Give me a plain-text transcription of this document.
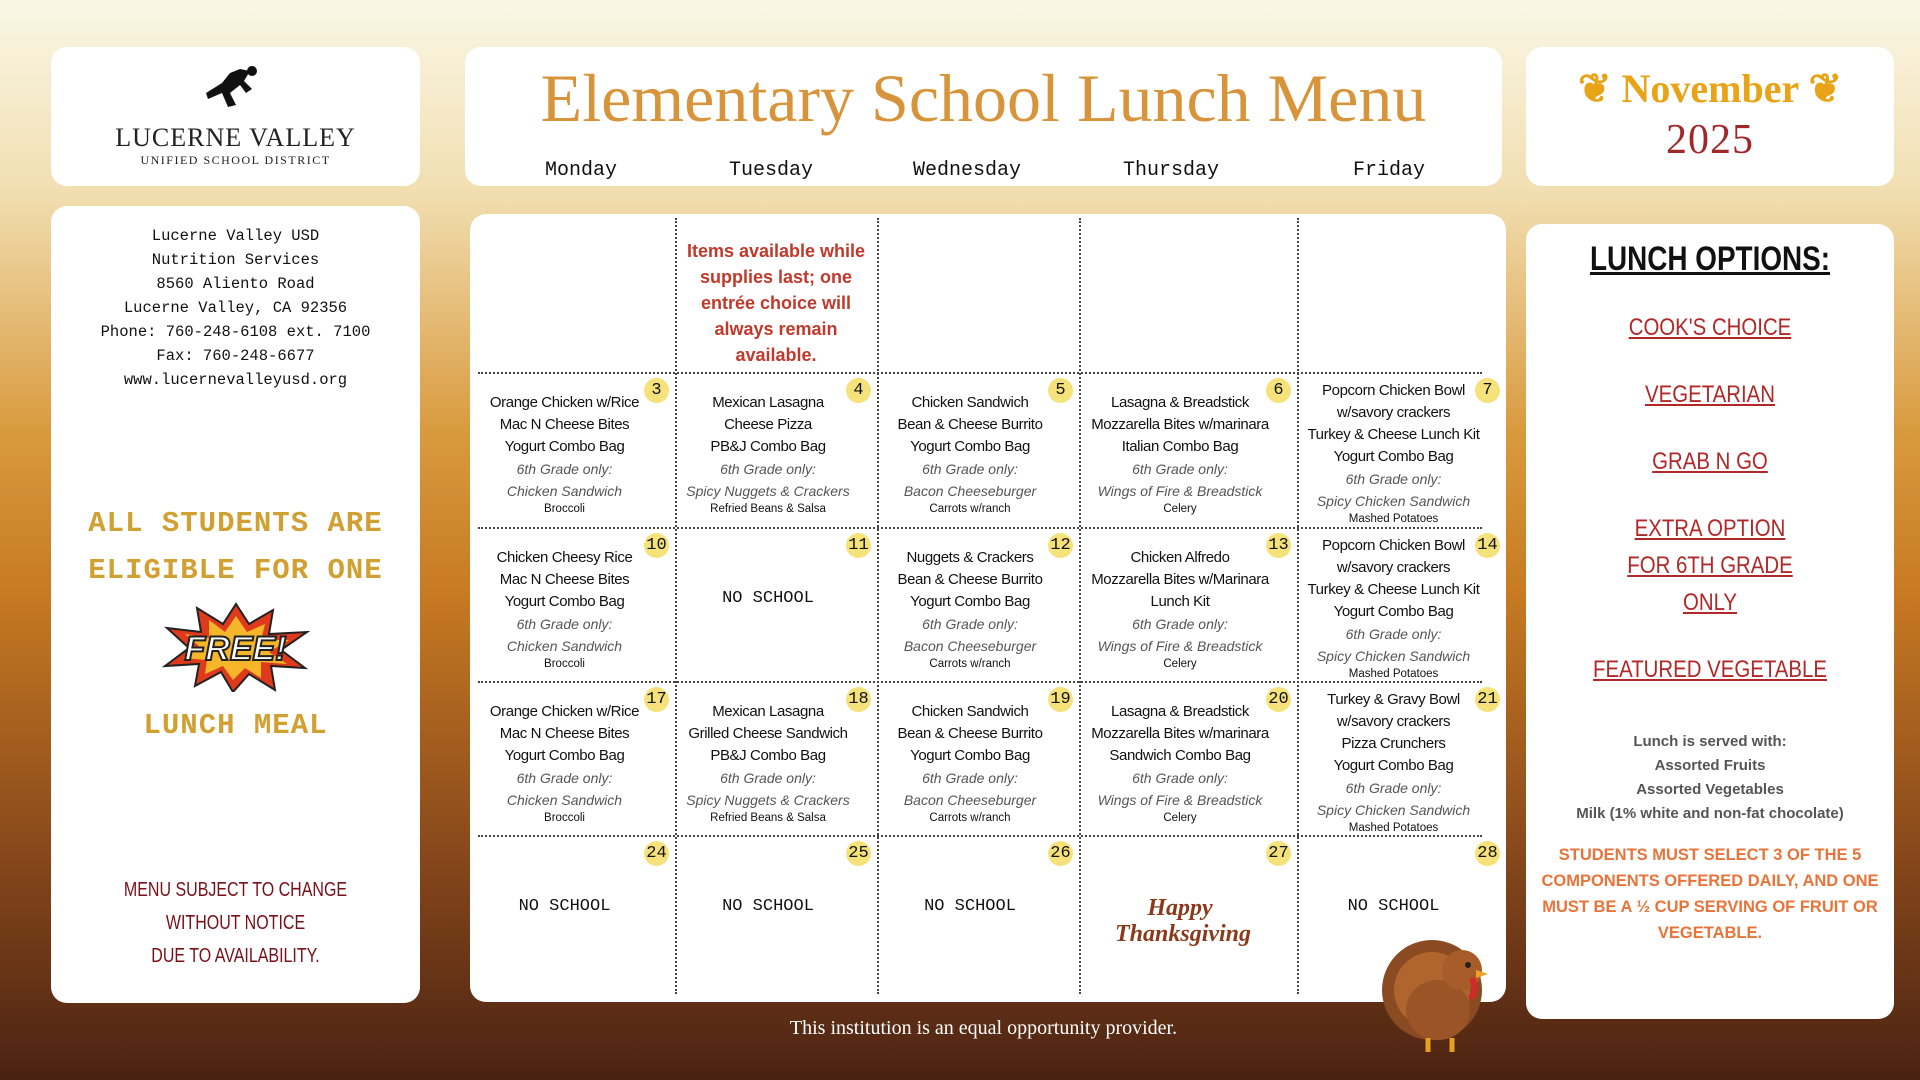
LUCERNE VALLEY
UNIFIED SCHOOL DISTRICT
Lucerne Valley USD
Nutrition Services
8560 Aliento Road
Lucerne Valley, CA 92356
Phone: 760-248-6108 ext. 7100
Fax: 760-248-6677
www.lucernevalleyusd.org
ALL STUDENTS ARE
ELIGIBLE FOR ONE
FREE!
LUNCH MEAL
MENU SUBJECT TO CHANGE
WITHOUT NOTICE
DUE TO AVAILABILITY.
Elementary School Lunch Menu
Monday	Tuesday	Wednesday	Thursday	Friday
❦ November ❦
2025
3
Orange Chicken w/Rice
Mac N Cheese Bites
Yogurt Combo Bag
6th Grade only:
Chicken Sandwich
Broccoli
4
Mexican Lasagna
Cheese Pizza
PB&J Combo Bag
6th Grade only:
Spicy Nuggets & Crackers
Refried Beans & Salsa
5
Chicken Sandwich
Bean & Cheese Burrito
Yogurt Combo Bag
6th Grade only:
Bacon Cheeseburger
Carrots w/ranch
6
Lasagna & Breadstick
Mozzarella Bites w/marinara
Italian Combo Bag
6th Grade only:
Wings of Fire & Breadstick
Celery
7
Popcorn Chicken Bowl
w/savory crackers
Turkey & Cheese Lunch Kit
Yogurt Combo Bag
6th Grade only:
Spicy Chicken Sandwich
Mashed Potatoes
10
Chicken Cheesy Rice
Mac N Cheese Bites
Yogurt Combo Bag
6th Grade only:
Chicken Sandwich
Broccoli
11
NO SCHOOL
12
Nuggets & Crackers
Bean & Cheese Burrito
Yogurt Combo Bag
6th Grade only:
Bacon Cheeseburger
Carrots w/ranch
13
Chicken Alfredo
Mozzarella Bites w/Marinara
Lunch Kit
6th Grade only:
Wings of Fire & Breadstick
Celery
14
Popcorn Chicken Bowl
w/savory crackers
Turkey & Cheese Lunch Kit
Yogurt Combo Bag
6th Grade only:
Spicy Chicken Sandwich
Mashed Potatoes
17
Orange Chicken w/Rice
Mac N Cheese Bites
Yogurt Combo Bag
6th Grade only:
Chicken Sandwich
Broccoli
18
Mexican Lasagna
Grilled Cheese Sandwich
PB&J Combo Bag
6th Grade only:
Spicy Nuggets & Crackers
Refried Beans & Salsa
19
Chicken Sandwich
Bean & Cheese Burrito
Yogurt Combo Bag
6th Grade only:
Bacon Cheeseburger
Carrots w/ranch
20
Lasagna & Breadstick
Mozzarella Bites w/marinara
Sandwich Combo Bag
6th Grade only:
Wings of Fire & Breadstick
Celery
21
Turkey & Gravy Bowl
w/savory crackers
Pizza Crunchers
Yogurt Combo Bag
6th Grade only:
Spicy Chicken Sandwich
Mashed Potatoes
24
NO SCHOOL
25
NO SCHOOL
26
NO SCHOOL
27
Happy Thanksgiving
28
NO SCHOOL
Items available while supplies last; one entrée choice will always remain available.
LUNCH OPTIONS:
COOK'S CHOICE
VEGETARIAN
GRAB N GO
EXTRA OPTION FOR 6TH GRADE ONLY
FEATURED VEGETABLE
Lunch is served with:
Assorted Fruits
Assorted Vegetables
Milk (1% white and non-fat chocolate)
STUDENTS MUST SELECT 3 OF THE 5 COMPONENTS OFFERED DAILY, AND ONE MUST BE A ½ CUP SERVING OF FRUIT OR VEGETABLE.
This institution is an equal opportunity provider.
